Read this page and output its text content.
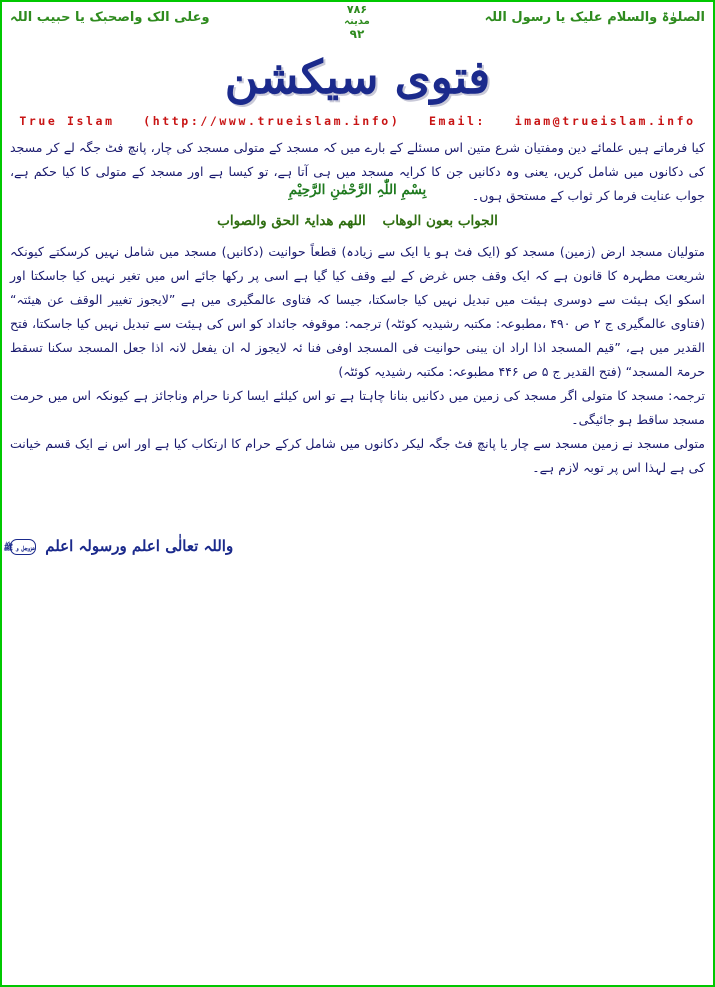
الصلوٰۃ والسلام علیک یا رسول اللہ
۷۸۶
مدینہ
۹۲
وعلی الک واصحبک یا حبیب اللہ
فتوی سیکشن
True Islam (http://www.trueislam.info) Email: imam@trueislam.info
کیا فرماتے ہیں علمائے دین ومفتیان شرع متین اس مسئلے کے بارے میں کہ مسجد کے متولی مسجد کی چار، پانچ فٹ جگہ لے کر مسجد کی دکانوں میں شامل کریں، یعنی وہ دکانیں جن کا کرایہ مسجد میں ہی آتا ہے، تو کیسا ہے اور مسجد کے متولی کا کیا حکم ہے، جواب عنایت فرما کر ثواب کے مستحق ہوں۔
بِسْمِ اللّٰہِ الرَّحْمٰنِ الرَّحِیْمِ
الجواب بعون الوھاب اللھم ھدایۃ الحق والصواب

متولیان مسجد ارض (زمین) مسجد کو (ایک فٹ ہو یا ایک سے زیادہ) قطعاً حوانیت (دکانیں) مسجد میں شامل نہیں کرسکتے کیونکہ شریعت مطہرہ کا قانون ہے کہ ایک وقف جس غرض کے لیے وقف کیا گیا ہے اسی پر رکھا جائے اس میں تغیر نہیں کیا جاسکتا اور اسکو ایک ہیئت سے دوسری ہیئت میں تبدیل نہیں کیا جاسکتا، جیسا کہ فتاوی عالمگیری میں ہے ”لایجوز تغییر الوقف عن ھیئتہ“ (فتاوی عالمگیری ج ۲ ص ۴۹۰ ،مطبوعہ: مکتبہ رشیدیہ کوئٹہ) ترجمہ: موقوفہ جائداد کو اس کی ہیئت سے تبدیل نہیں کیا جاسکتا، فتح القدیر میں ہے، ”قیم المسجد اذا اراد ان یبنی حوانیت فی المسجد اوفی فنا ئہ لایجوز لہ ان یفعل لانہ اذا جعل المسجد سکنا تسقط حرمۃ المسجد“ (فتح القدیر ج ۵ ص ۴۴۶ مطبوعہ: مکتبہ رشیدیہ کوئٹہ)

ترجمہ: مسجد کا متولی اگر مسجد کی زمین میں دکانیں بنانا چاہتا ہے تو اس کیلئے ایسا کرنا حرام وناجائز ہے کیونکہ اس میں حرمت مسجد ساقط ہو جائیگی۔

متولی مسجد نے زمین مسجد سے چار یا پانچ فٹ جگہ لیکر دکانوں میں شامل کرکے حرام کا ارتکاب کیا ہے اور اس نے ایک قسم خیانت کی ہے لہذا اس پر توبہ لازم ہے۔

واللہ تعالٰی اعلم ورسولہ اعلم عزوجل و ﷺ
